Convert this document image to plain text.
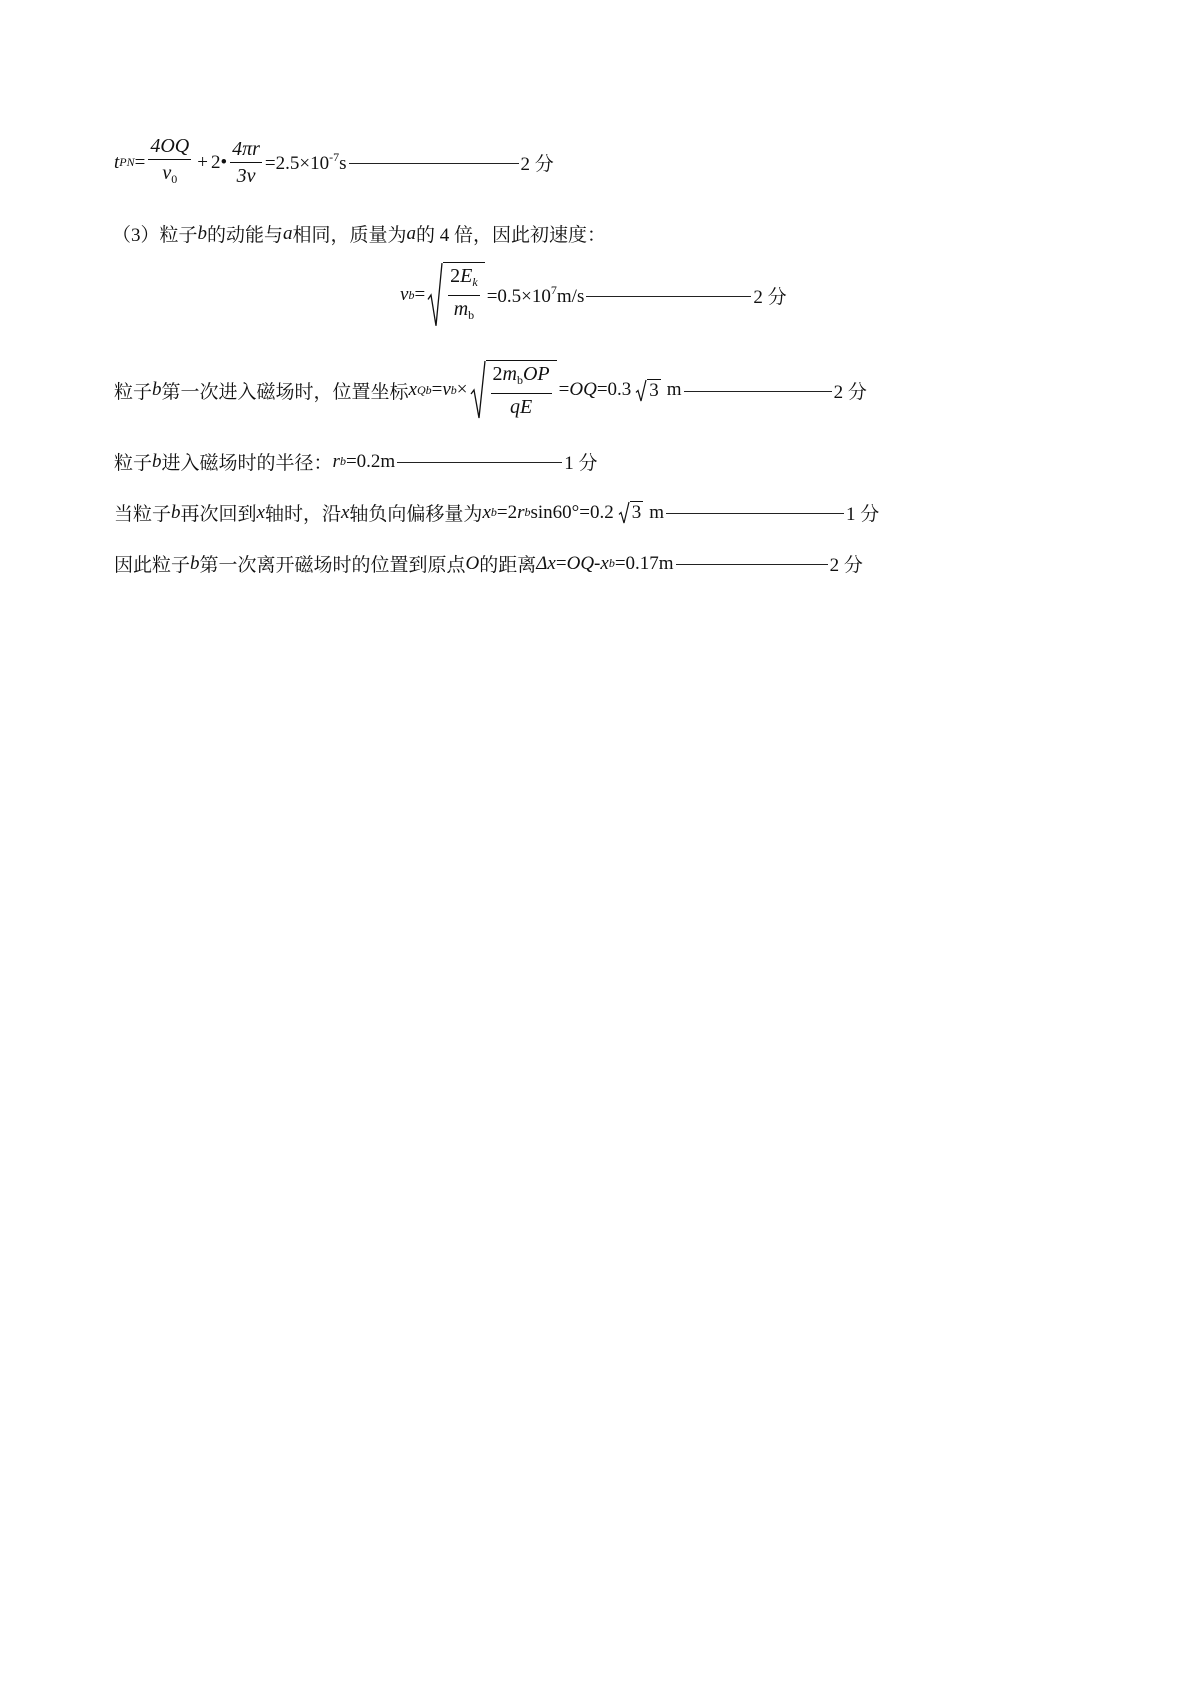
t PN = $\frac{4OQ}{v_0}$ + 2• $\frac{4\pi r}{3v} =2.5\times 10^{-7}s$	2 分
（3）粒子 b 的动能与 a 相同，质量为 a 的 4 倍，因此初速度：
v $b = \frac{2E_k}{m_b} =0.5\times 10^7m/s$	2 分
粒子 b 第一次进入磁场时，位置坐标 x Qb = v $b \times \frac{2m_bOP}{qE}$ = OQ =0.3 3 m	2 分
粒子 b 进入磁场时的半径： r b =0.2m	1 分
当粒子 b 再次回到 x 轴时，沿 x 轴负向偏移量为 x b =2 r b sin60°=0.2 3 m	1 分
因此粒子 b 第一次离开磁场时的位置到原点 O 的距离 Δx = OQ - x b =0.17m	2 分
